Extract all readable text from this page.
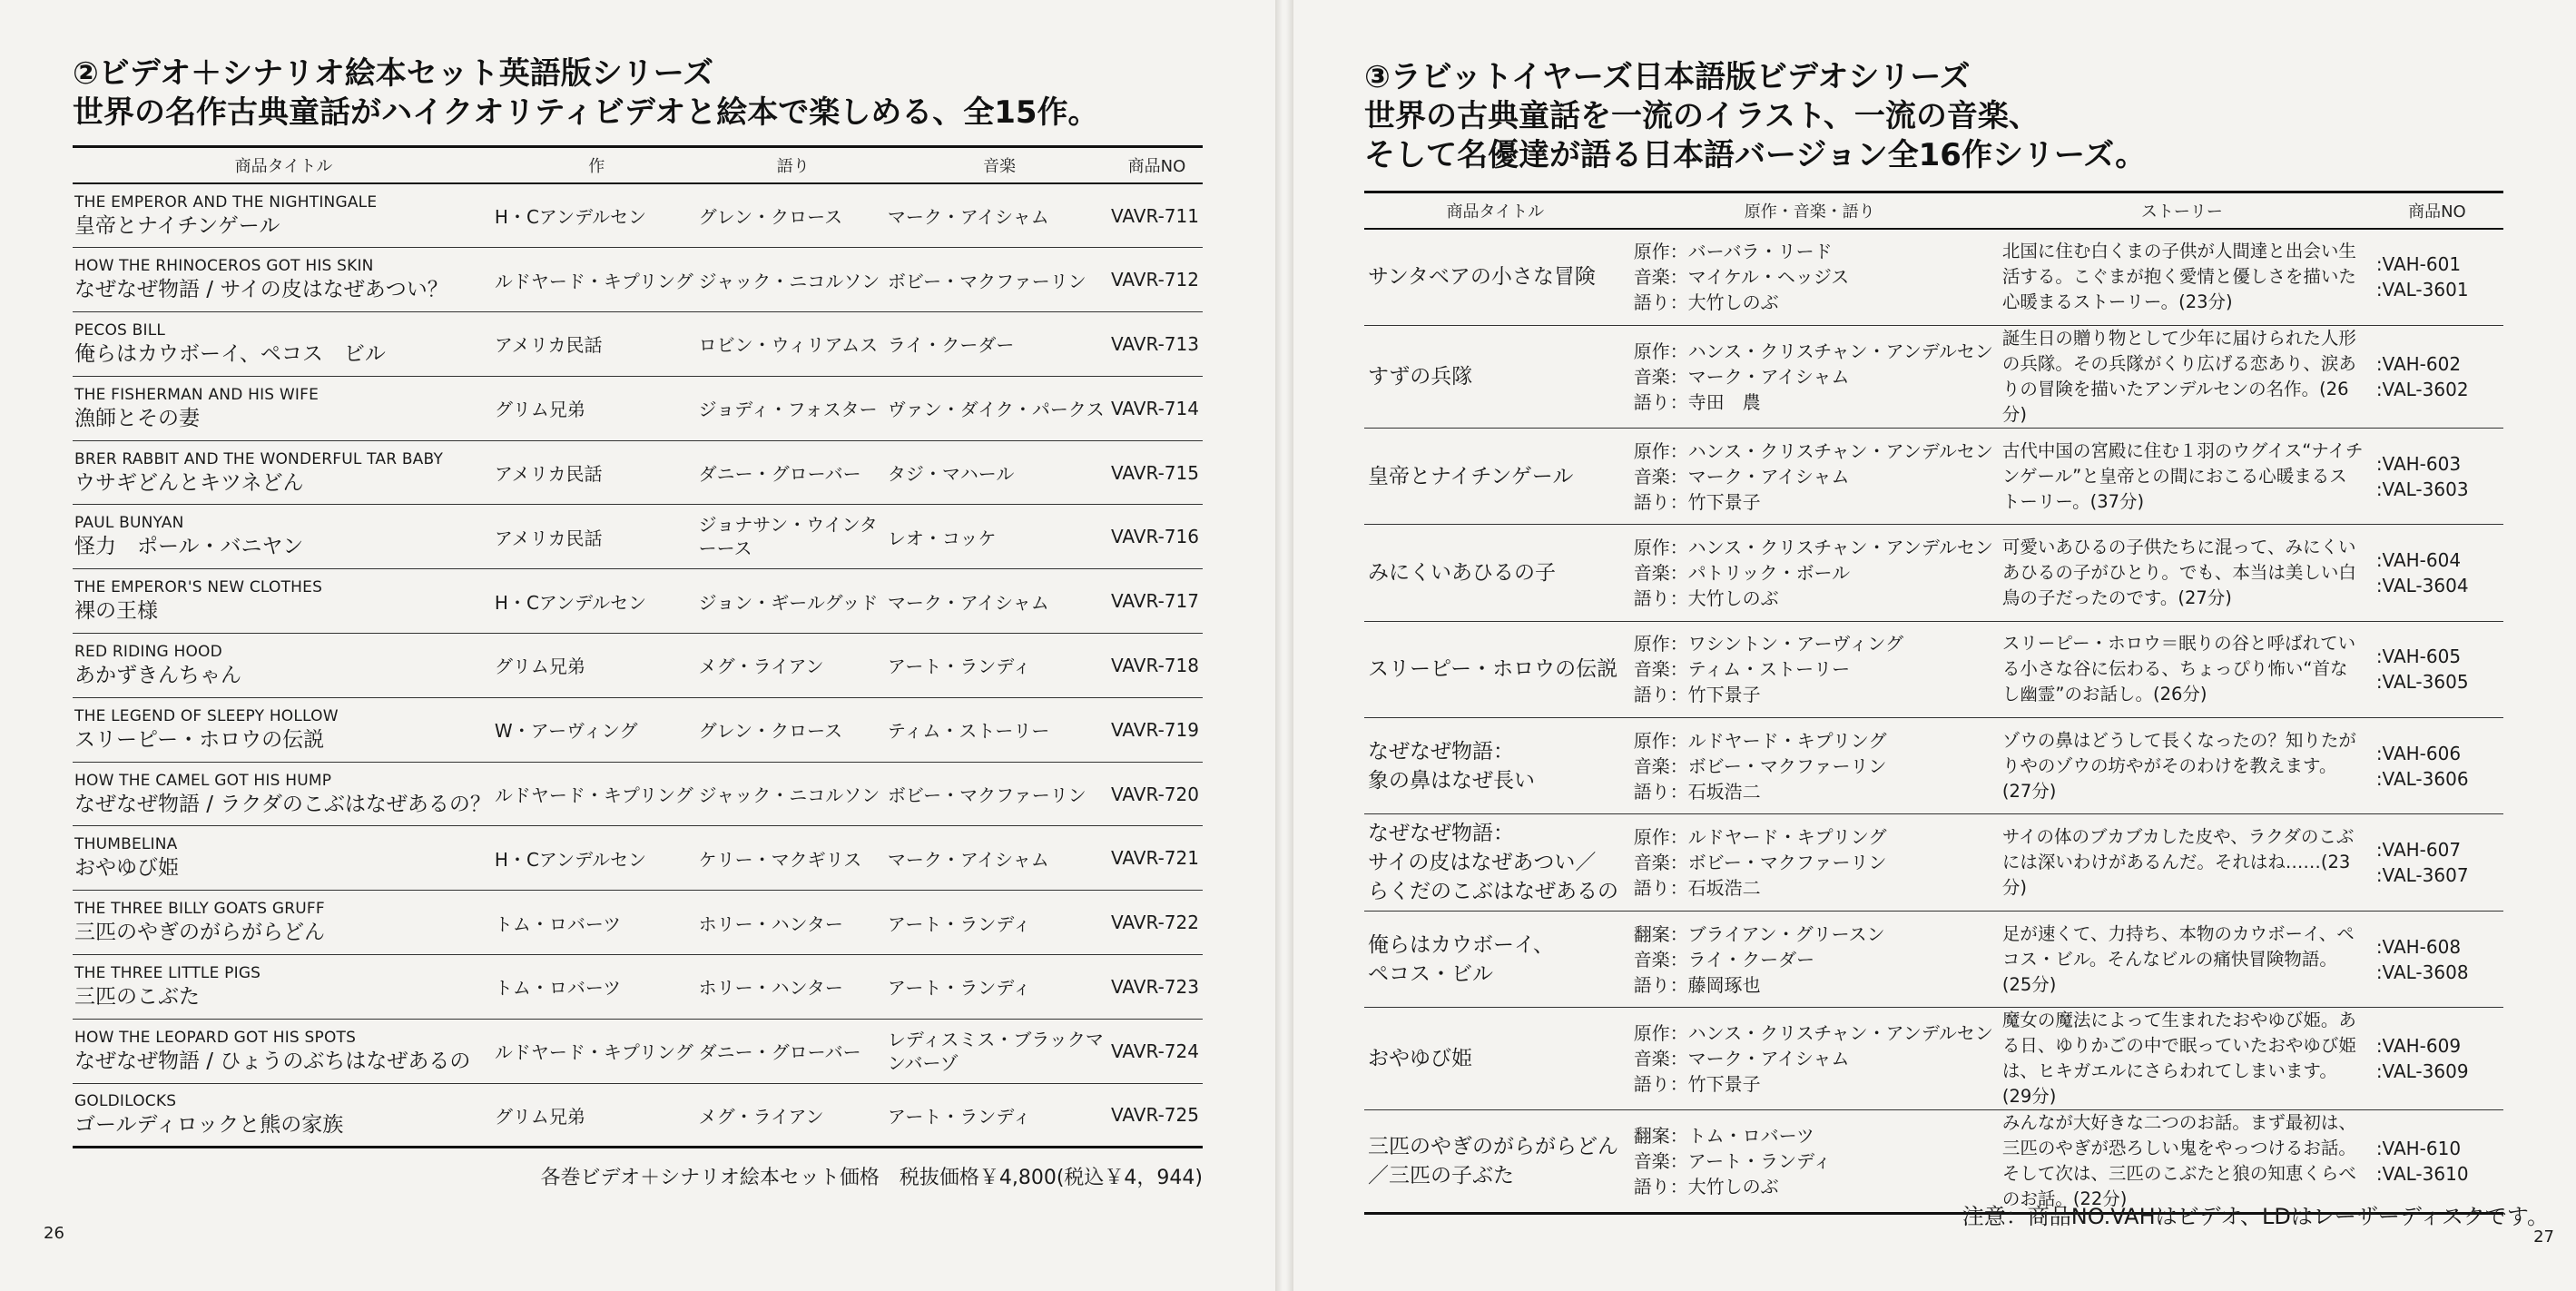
②ビデオ＋シナリオ絵本セット英語版シリーズ
世界の名作古典童話がハイクオリティビデオと絵本で楽しめる、全15作。
商品タイトル	作	語り	音楽	商品NO

THE EMPEROR AND THE NIGHTINGALE
皇帝とナイチンゲール	H・Cアンデルセン	グレン・クロース	マーク・アイシャム	VAVR-711

HOW THE RHINOCEROS GOT HIS SKIN
なぜなぜ物語 / サイの皮はなぜあつい？	ルドヤード・キプリング	ジャック・ニコルソン	ボビー・マクファーリン	VAVR-712

PECOS BILL
俺らはカウボーイ、ペコス　ビル	アメリカ民話	ロビン・ウィリアムス	ライ・クーダー	VAVR-713

THE FISHERMAN AND HIS WIFE
漁師とその妻	グリム兄弟	ジョディ・フォスター	ヴァン・ダイク・パークス	VAVR-714

BRER RABBIT AND THE WONDERFUL TAR BABY
ウサギどんとキツネどん	アメリカ民話	ダニー・グローバー	タジ・マハール	VAVR-715

PAUL BUNYAN
怪力　ポール・バニヤン	アメリカ民話	ジョナサン・ウインターース	レオ・コッケ	VAVR-716

THE EMPEROR'S NEW CLOTHES
裸の王様	H・Cアンデルセン	ジョン・ギールグッド	マーク・アイシャム	VAVR-717

RED RIDING HOOD
あかずきんちゃん	グリム兄弟	メグ・ライアン	アート・ランディ	VAVR-718

THE LEGEND OF SLEEPY HOLLOW
スリーピー・ホロウの伝説	W・アーヴィング	グレン・クロース	ティム・ストーリー	VAVR-719

HOW THE CAMEL GOT HIS HUMP
なぜなぜ物語 / ラクダのこぶはなぜあるの？	ルドヤード・キプリング	ジャック・ニコルソン	ボビー・マクファーリン	VAVR-720

THUMBELINA
おやゆび姫	H・Cアンデルセン	ケリー・マクギリス	マーク・アイシャム	VAVR-721

THE THREE BILLY GOATS GRUFF
三匹のやぎのがらがらどん	トム・ロバーツ	ホリー・ハンター	アート・ランディ	VAVR-722

THE THREE LITTLE PIGS
三匹のこぶた	トム・ロバーツ	ホリー・ハンター	アート・ランディ	VAVR-723

HOW THE LEOPARD GOT HIS SPOTS
なぜなぜ物語 / ひょうのぶちはなぜあるの	ルドヤード・キプリング	ダニー・グローバー	レディスミス・ブラックマンバーゾ	VAVR-724

GOLDILOCKS
ゴールディロックと熊の家族	グリム兄弟	メグ・ライアン	アート・ランディ	VAVR-725
各巻ビデオ＋シナリオ絵本セット価格　税抜価格￥4,800(税込￥4，944)
26
③ラビットイヤーズ日本語版ビデオシリーズ
世界の古典童話を一流のイラスト、一流の音楽、
そして名優達が語る日本語バージョン全16作シリーズ。
商品タイトル	原作・音楽・語り	ストーリー	商品NO
サンタベアの小さな冒険	原作：バーバラ・リード
音楽：マイケル・ヘッジス
語り：大竹しのぶ	北国に住む白くまの子供が人間達と出会い生活する。こぐまが抱く愛情と優しさを描いた心暖まるストーリー。(23分)	:VAH-601
:VAL-3601

すずの兵隊	原作：ハンス・クリスチャン・アンデルセン
音楽：マーク・アイシャム
語り：寺田　農	誕生日の贈り物として少年に届けられた人形の兵隊。その兵隊がくり広げる恋あり、涙ありの冒険を描いたアンデルセンの名作。(26分)	:VAH-602
:VAL-3602

皇帝とナイチンゲール	原作：ハンス・クリスチャン・アンデルセン
音楽：マーク・アイシャム
語り：竹下景子	古代中国の宮殿に住む１羽のウグイス“ナイチンゲール”と皇帝との間におこる心暖まるストーリー。(37分)	:VAH-603
:VAL-3603

みにくいあひるの子	原作：ハンス・クリスチャン・アンデルセン
音楽：パトリック・ボール
語り：大竹しのぶ	可愛いあひるの子供たちに混って、みにくいあひるの子がひとり。でも、本当は美しい白鳥の子だったのです。(27分)	:VAH-604
:VAL-3604

スリーピー・ホロウの伝説	原作：ワシントン・アーヴィング
音楽：ティム・ストーリー
語り：竹下景子	スリーピー・ホロウ＝眠りの谷と呼ばれている小さな谷に伝わる、ちょっぴり怖い“首なし幽霊”のお話し。(26分)	:VAH-605
:VAL-3605

なぜなぜ物語：
象の鼻はなぜ長い	原作：ルドヤード・キプリング
音楽：ボビー・マクファーリン
語り：石坂浩二	ゾウの鼻はどうして長くなったの？知りたがりやのゾウの坊やがそのわけを教えます。(27分)	:VAH-606
:VAL-3606

なぜなぜ物語：
サイの皮はなぜあつい／
らくだのこぶはなぜあるの	原作：ルドヤード・キプリング
音楽：ボビー・マクファーリン
語り：石坂浩二	サイの体のブカブカした皮や、ラクダのこぶには深いわけがあるんだ。それはね……(23分)	:VAH-607
:VAL-3607

俺らはカウボーイ、
ペコス・ビル	翻案：ブライアン・グリースン
音楽：ライ・クーダー
語り：藤岡琢也	足が速くて、力持ち、本物のカウボーイ、ペコス・ビル。そんなビルの痛快冒険物語。(25分)	:VAH-608
:VAL-3608

おやゆび姫	原作：ハンス・クリスチャン・アンデルセン
音楽：マーク・アイシャム
語り：竹下景子	魔女の魔法によって生まれたおやゆび姫。ある日、ゆりかごの中で眠っていたおやゆび姫は、ヒキガエルにさらわれてしまいます。(29分)	:VAH-609
:VAL-3609

三匹のやぎのがらがらどん
／三匹の子ぶた	翻案：トム・ロバーツ
音楽：アート・ランディ
語り：大竹しのぶ	みんなが大好きな二つのお話。まず最初は、三匹のやぎが恐ろしい鬼をやっつけるお話。そして次は、三匹のこぶたと狼の知恵くらべのお話。(22分)	:VAH-610
:VAL-3610
注意：商品NO.VAHはビデオ、LDはレーザーディスクです。
27
